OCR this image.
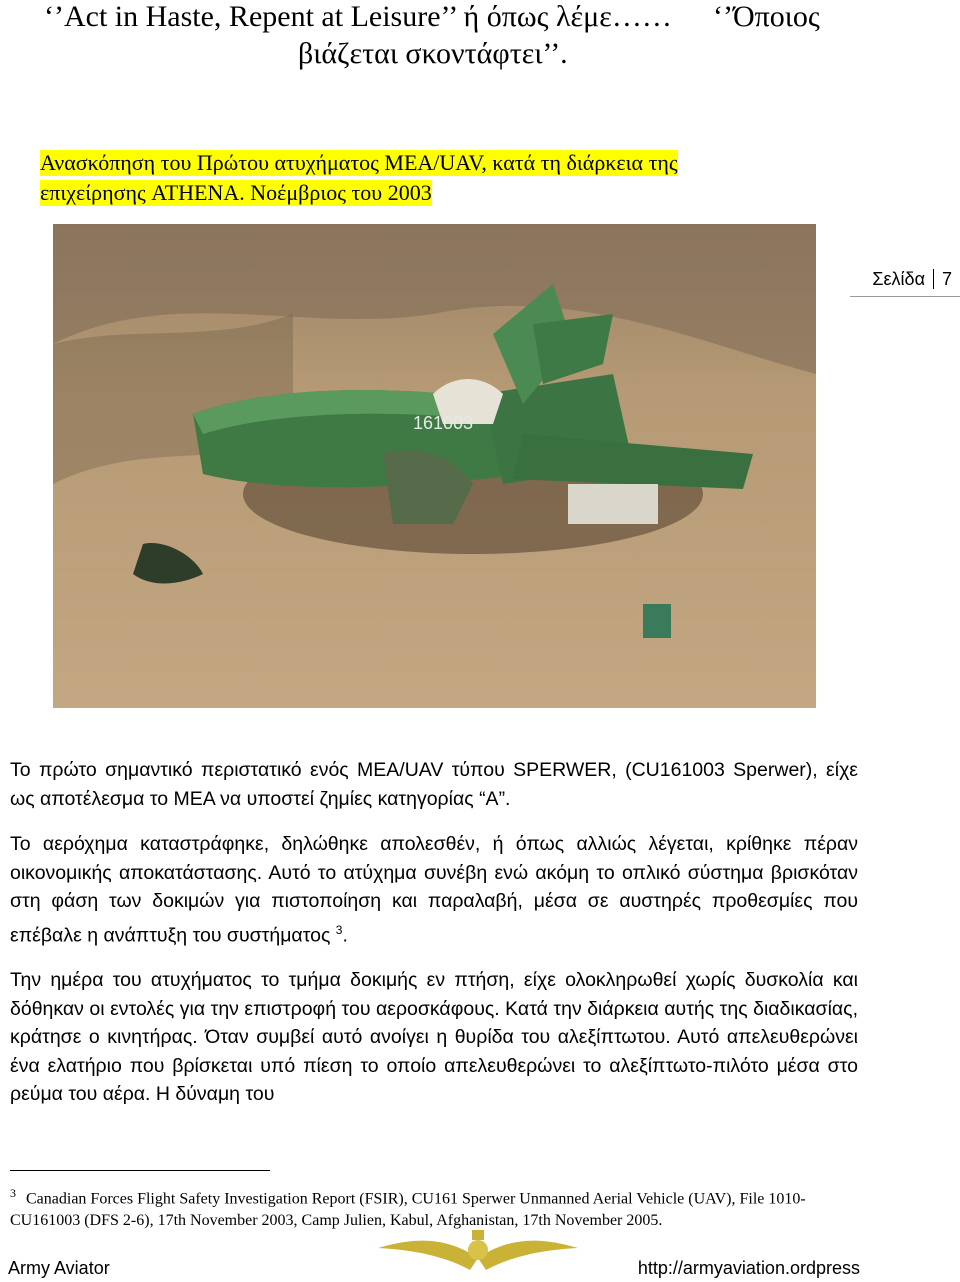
‘’Act in Haste, Repent at Leisure’’ ή όπως λέμε…… ‘’Όποιος
βιάζεται σκοντάφτει’’.
Ανασκόπηση του Πρώτου ατυχήματος ΜΕΑ/UAV, κατά τη διάρκεια της
επιχείρησης ATHENA. Νοέμβριος του 2003
161003
Σελίδα 7
Το πρώτο σημαντικό περιστατικό ενός ΜΕΑ/UAV τύπου SPERWER, (CU161003 Sperwer), είχε ως αποτέλεσμα το ΜΕΑ να υποστεί ζημίες κατηγορίας “A”.
Το αερόχημα καταστράφηκε, δηλώθηκε απολεσθέν, ή όπως αλλιώς λέγεται, κρίθηκε πέραν οικονομικής αποκατάστασης. Αυτό το ατύχημα συνέβη ενώ ακόμη το οπλικό σύστημα βρισκόταν στη φάση των δοκιμών για πιστοποίηση και παραλαβή, μέσα σε αυστηρές προθεσμίες που επέβαλε η ανάπτυξη του συστήματος $^3$.
Την ημέρα του ατυχήματος το τμήμα δοκιμής εν πτήση, είχε ολοκληρωθεί χωρίς δυσκολία και δόθηκαν οι εντολές για την επιστροφή του αεροσκάφους. Κατά την διάρκεια αυτής της διαδικασίας, κράτησε ο κινητήρας. Όταν συμβεί αυτό ανοίγει η θυρίδα του αλεξίπτωτου. Αυτό απελευθερώνει ένα ελατήριο που βρίσκεται υπό πίεση το οποίο απελευθερώνει το αλεξίπτωτο-πιλότο μέσα στο ρεύμα του αέρα. Η δύναμη του
$^3$ Canadian Forces Flight Safety Investigation Report (FSIR), CU161 Sperwer Unmanned Aerial Vehicle (UAV), File 1010-CU161003 (DFS 2-6), 17th November 2003, Camp Julien, Kabul, Afghanistan, 17th November 2005.
Army Aviator	http://armyaviation.ordpress
